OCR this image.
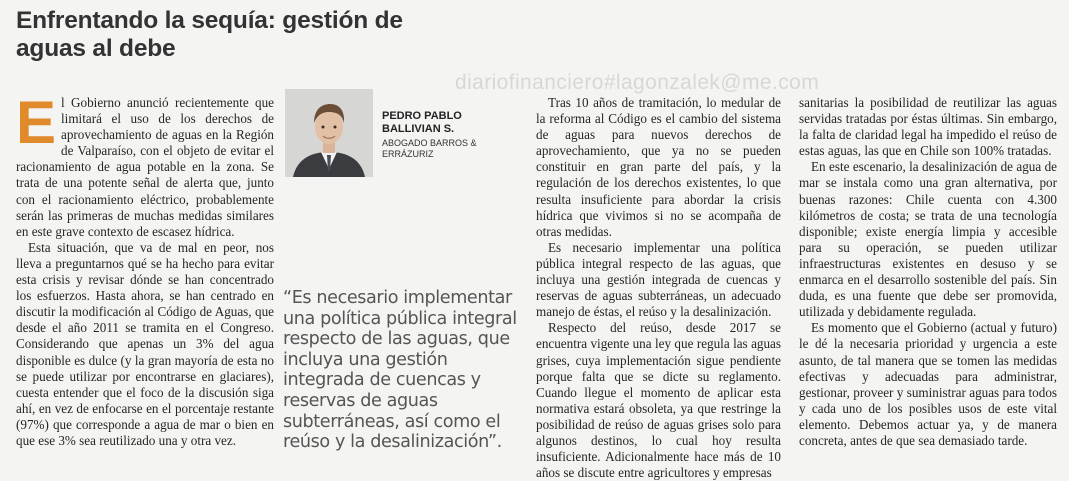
Enfrentando la sequía: gestión de
aguas al debe
diariofinanciero#lagonzalek@me.com
PEDRO PABLO
BALLIVIAN S.
ABOGADO BARROS &
ERRÁZURIZ
“Es necesario implementar una política pública integral respecto de las aguas, que incluya una gestión integrada de cuencas y reservas de aguas subterráneas, así como el reúso y la desalinización”.

El Gobierno anunció recientemente que limitará el uso de los derechos de aprovechamiento de aguas en la Región de Valparaíso, con el objeto de evitar el racionamiento de agua potable en la zona. Se trata de una potente señal de alerta que, junto con el racionamiento eléctrico, probablemente serán las primeras de muchas medidas similares en este grave contexto de escasez hídrica.

Esta situación, que va de mal en peor, nos lleva a preguntarnos qué se ha hecho para evitar esta crisis y revisar dónde se han concentrado los esfuerzos. Hasta ahora, se han centrado en discutir la modificación al Código de Aguas, que desde el año 2011 se tramita en el Congreso. Considerando que apenas un 3% del agua disponible es dulce (y la gran mayoría de esta no se puede utilizar por encontrarse en glaciares), cuesta entender que el foco de la discusión siga ahí, en vez de enfocarse en el porcentaje restante (97%) que corresponde a agua de mar o bien en que ese 3% sea reutilizado una y otra vez.

Tras 10 años de tramitación, lo medular de la reforma al Código es el cambio del sistema de aguas para nuevos derechos de aprovechamiento, que ya no se pueden constituir en gran parte del país, y la regulación de los derechos existentes, lo que resulta insuficiente para abordar la crisis hídrica que vivimos si no se acompaña de otras medidas.

Es necesario implementar una política pública integral respecto de las aguas, que incluya una gestión integrada de cuencas y reservas de aguas subterráneas, un adecuado manejo de éstas, el reúso y la desalinización.

Respecto del reúso, desde 2017 se encuentra vigente una ley que regula las aguas grises, cuya implementación sigue pendiente porque falta que se dicte su reglamento. Cuando llegue el momento de aplicar esta normativa estará obsoleta, ya que restringe la posibilidad de reúso de aguas grises solo para algunos destinos, lo cual hoy resulta insuficiente. Adicionalmente hace más de 10 años se discute entre agricultores y empresas

sanitarias la posibilidad de reutilizar las aguas servidas tratadas por éstas últimas. Sin embargo, la falta de claridad legal ha impedido el reúso de estas aguas, las que en Chile son 100% tratadas.

En este escenario, la desalinización de agua de mar se instala como una gran alternativa, por buenas razones: Chile cuenta con 4.300 kilómetros de costa; se trata de una tecnología disponible; existe energía limpia y accesible para su operación, se pueden utilizar infraestructuras existentes en desuso y se enmarca en el desarrollo sostenible del país. Sin duda, es una fuente que debe ser promovida, utilizada y debidamente regulada.

Es momento que el Gobierno (actual y futuro) le dé la necesaria prioridad y urgencia a este asunto, de tal manera que se tomen las medidas efectivas y adecuadas para administrar, gestionar, proveer y suministrar aguas para todos y cada uno de los posibles usos de este vital elemento. Debemos actuar ya, y de manera concreta, antes de que sea demasiado tarde.
